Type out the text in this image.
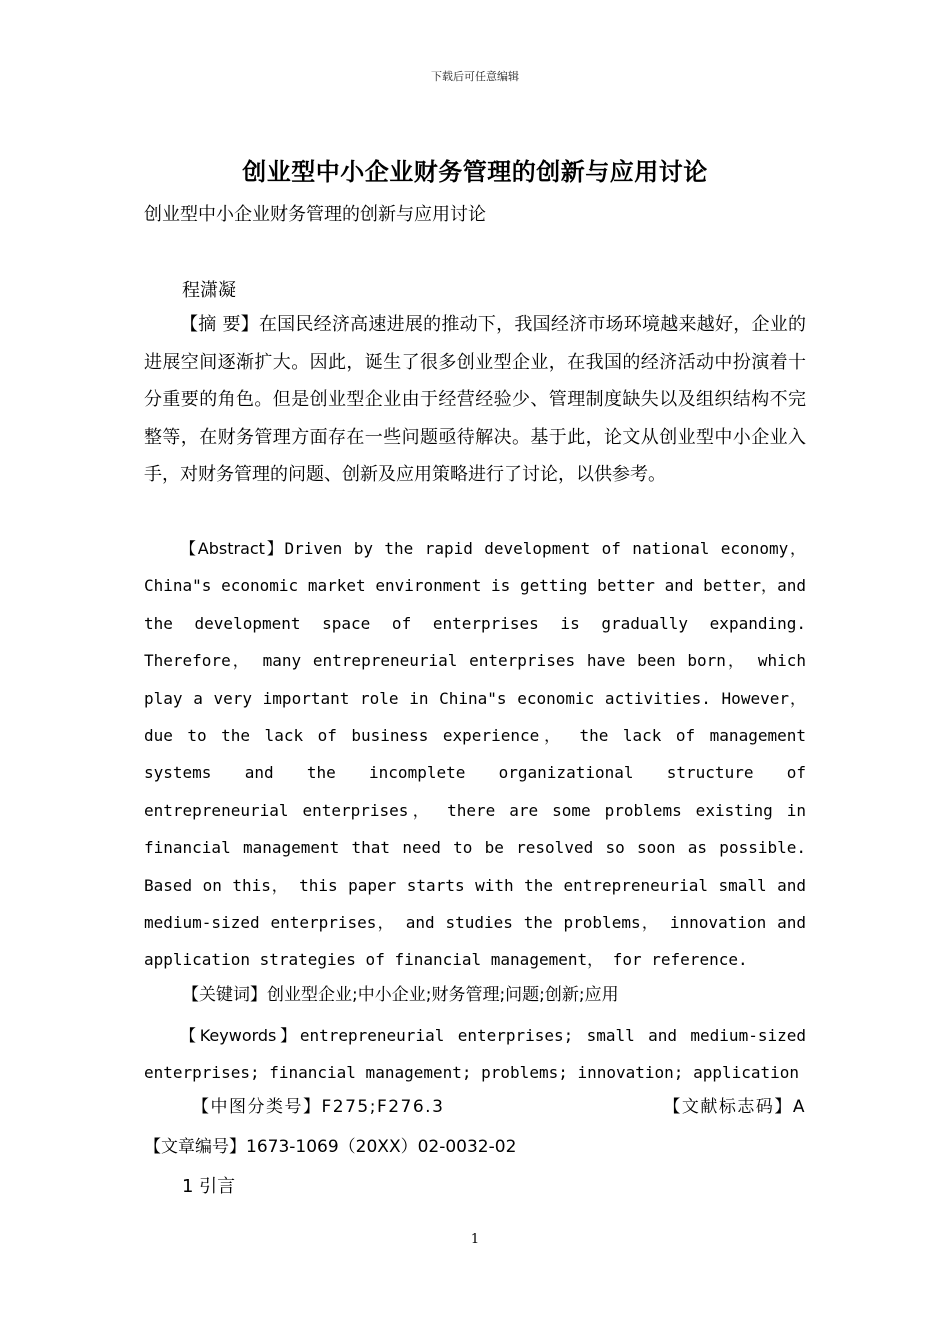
下载后可任意编辑
创业型中小企业财务管理的创新与应用讨论
创业型中小企业财务管理的创新与应用讨论
程潇凝
【摘 要】在国民经济高速进展的推动下，我国经济市场环境越来越好，企业的进展空间逐渐扩大。因此，诞生了很多创业型企业，在我国的经济活动中扮演着十分重要的角色。但是创业型企业由于经营经验少、管理制度缺失以及组织结构不完整等，在财务管理方面存在一些问题亟待解决。基于此，论文从创业型中小企业入手，对财务管理的问题、创新及应用策略进行了讨论，以供参考。
【Abstract】Driven by the rapid development of national economy，China"s economic market environment is getting better and better，and the development space of enterprises is gradually expanding. Therefore， many entrepreneurial enterprises have been born， which play a very important role in China"s economic activities. However，due to the lack of business experience， the lack of management systems and the incomplete organizational structure of entrepreneurial enterprises， there are some problems existing in financial management that need to be resolved so soon as possible. Based on this， this paper starts with the entrepreneurial small and medium-sized enterprises， and studies the problems， innovation and application strategies of financial management， for reference.
【关键词】创业型企业;中小企业;财务管理;问题;创新;应用
【Keywords】entrepreneurial enterprises; small and medium-sized enterprises; financial management; problems; innovation; application
【中图分类号】F275;F276.3	【文献标志码】A
【文章编号】1673-1069（20XX）02-0032-02
1 引言
1
